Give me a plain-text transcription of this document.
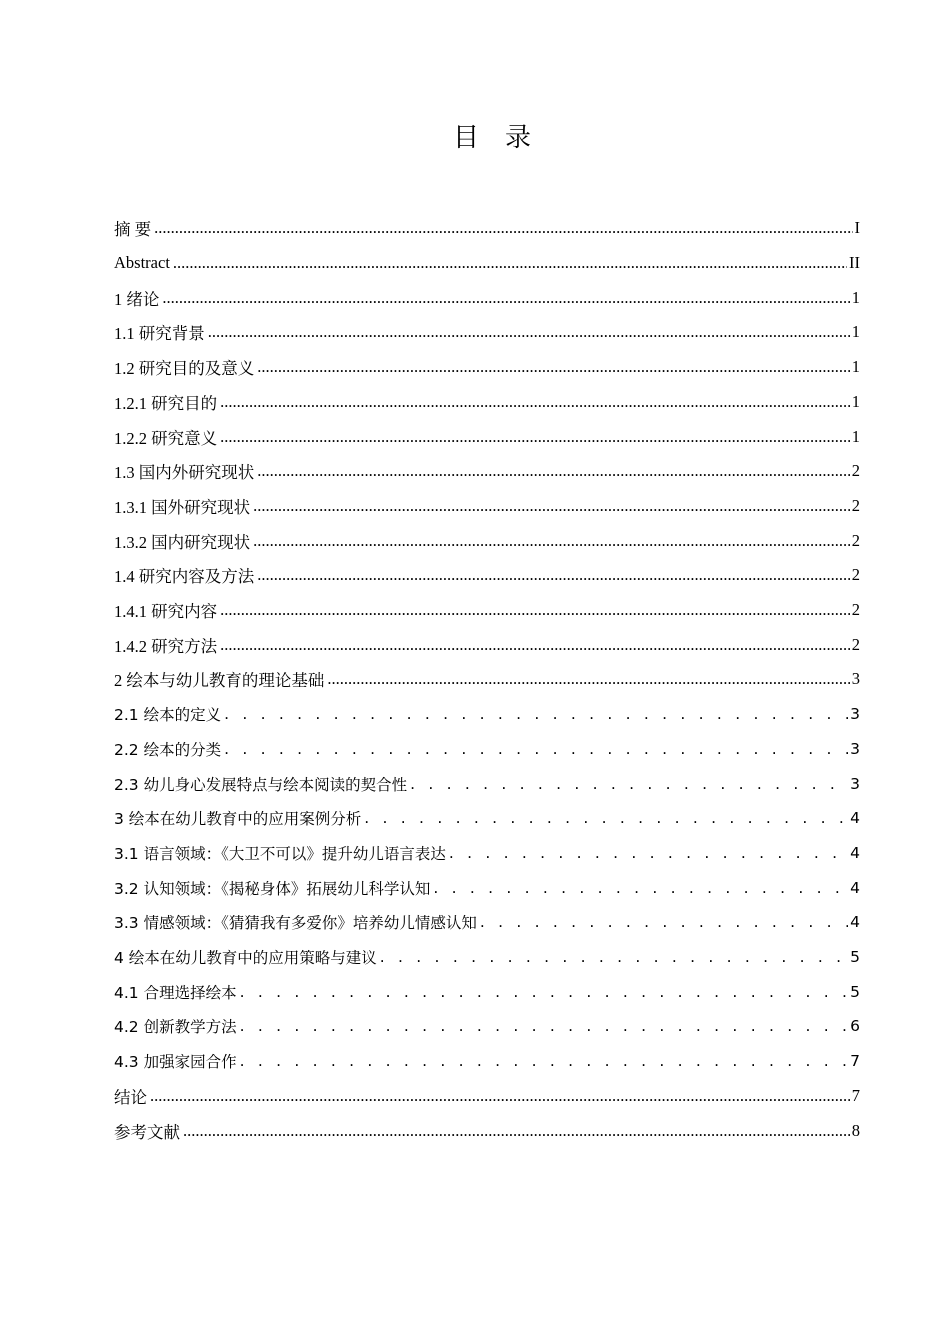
目　录
摘 要 .....	I
Abstract .....	II
1 绪论 .....	1
1.1 研究背景 .....	1
1.2 研究目的及意义 .....	1
1.2.1 研究目的 .....	1
1.2.2 研究意义 .....	1
1.3 国内外研究现状 .....	2
1.3.1 国外研究现状 .....	2
1.3.2 国内研究现状 .....	2
1.4 研究内容及方法 .....	2
1.4.1 研究内容 .....	2
1.4.2 研究方法 .....	2
2 绘本与幼儿教育的理论基础 .....	3
2.1 绘本的定义 . . .	3
2.2 绘本的分类 . . .	3
2.3 幼儿身心发展特点与绘本阅读的契合性 . . .	3
3 绘本在幼儿教育中的应用案例分析 . . .	4
3.1 语言领域：《大卫不可以》提升幼儿语言表达 . . .	4
3.2 认知领域：《揭秘身体》拓展幼儿科学认知 . . .	4
3.3 情感领域：《猜猜我有多爱你》培养幼儿情感认知 . . .	4
4 绘本在幼儿教育中的应用策略与建议 . . .	5
4.1 合理选择绘本 . . .	5
4.2 创新教学方法 . . .	6
4.3 加强家园合作 . . .	7
结论 .....	7
参考文献 .....	8
